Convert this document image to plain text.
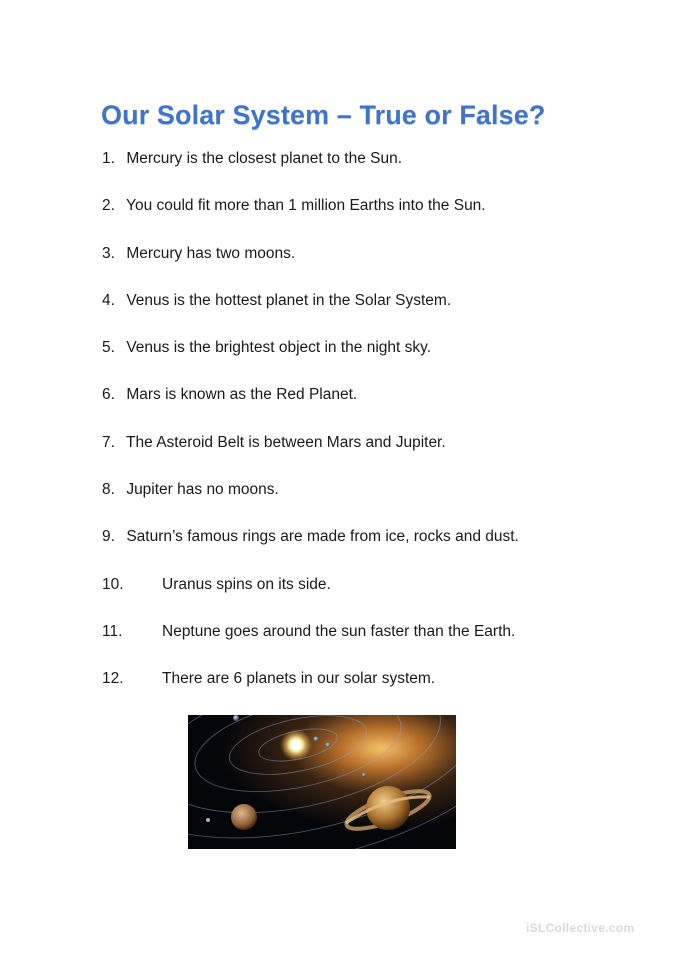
Our Solar System – True or False?
1. Mercury is the closest planet to the Sun.
2. You could fit more than 1 million Earths into the Sun.
3. Mercury has two moons.
4. Venus is the hottest planet in the Solar System.
5. Venus is the brightest object in the night sky.
6. Mars is known as the Red Planet.
7. The Asteroid Belt is between Mars and Jupiter.
8. Jupiter has no moons.
9. Saturn’s famous rings are made from ice, rocks and dust.
10. Uranus spins on its side.
11.	Neptune goes around the sun faster than the Earth.
12. There are 6 planets in our solar system.
iSLCollective.com
